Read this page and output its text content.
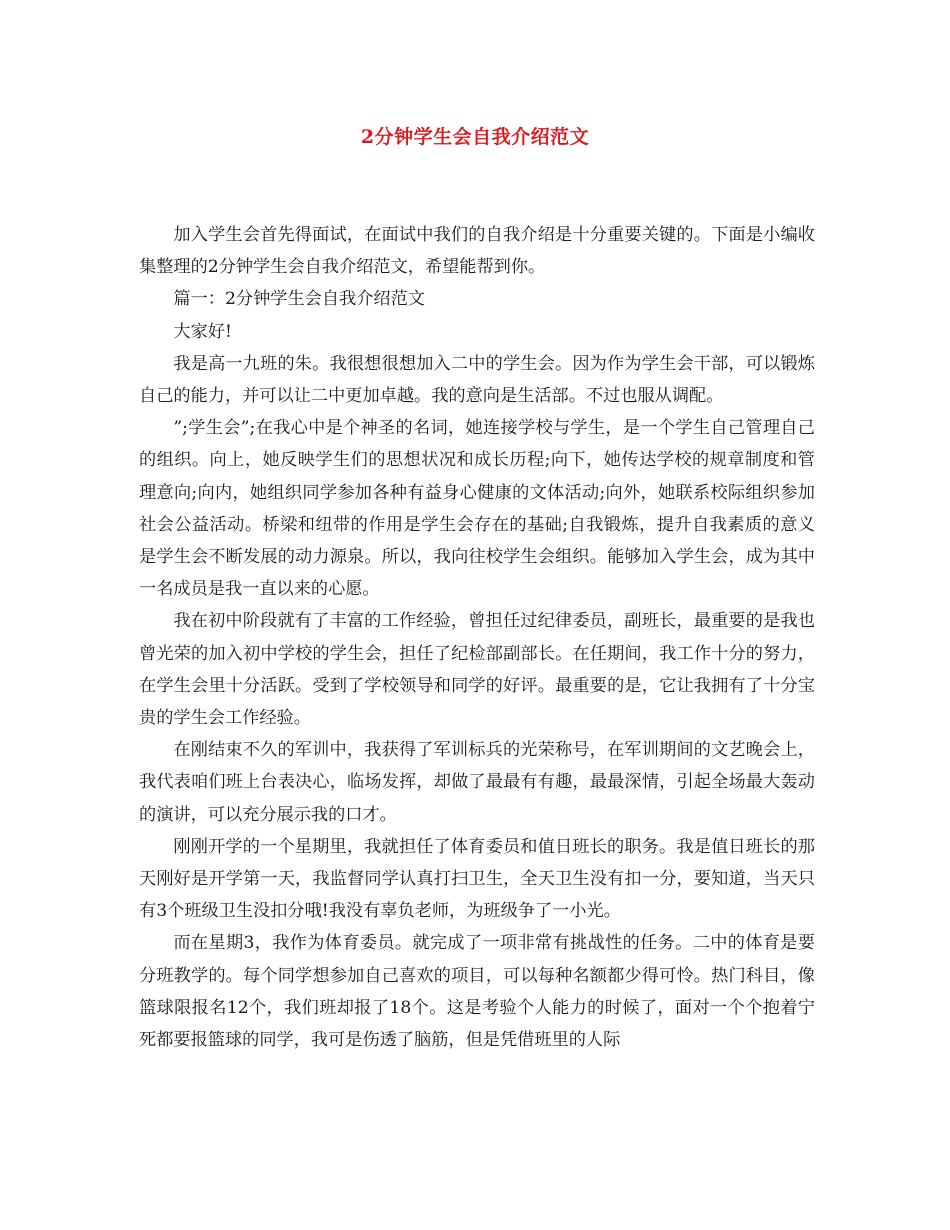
2分钟学生会自我介绍范文

加入学生会首先得面试，在面试中我们的自我介绍是十分重要关键的。下面是小编收集整理的2分钟学生会自我介绍范文，希望能帮到你。

篇一：2分钟学生会自我介绍范文

大家好!

我是高一九班的朱。我很想很想加入二中的学生会。因为作为学生会干部，可以锻炼自己的能力，并可以让二中更加卓越。我的意向是生活部。不过也服从调配。

”;学生会”;在我心中是个神圣的名词，她连接学校与学生，是一个学生自己管理自己的组织。向上，她反映学生们的思想状况和成长历程;向下，她传达学校的规章制度和管理意向;向内，她组织同学参加各种有益身心健康的文体活动;向外，她联系校际组织参加社会公益活动。桥梁和纽带的作用是学生会存在的基础;自我锻炼，提升自我素质的意义是学生会不断发展的动力源泉。所以，我向往校学生会组织。能够加入学生会，成为其中一名成员是我一直以来的心愿。

我在初中阶段就有了丰富的工作经验，曾担任过纪律委员，副班长，最重要的是我也曾光荣的加入初中学校的学生会，担任了纪检部副部长。在任期间，我工作十分的努力，在学生会里十分活跃。受到了学校领导和同学的好评。最重要的是，它让我拥有了十分宝贵的学生会工作经验。

在刚结束不久的军训中，我获得了军训标兵的光荣称号，在军训期间的文艺晚会上，我代表咱们班上台表决心，临场发挥，却做了最最有有趣，最最深情，引起全场最大轰动的演讲，可以充分展示我的口才。

刚刚开学的一个星期里，我就担任了体育委员和值日班长的职务。我是值日班长的那天刚好是开学第一天，我监督同学认真打扫卫生，全天卫生没有扣一分，要知道，当天只有3个班级卫生没扣分哦!我没有辜负老师，为班级争了一小光。

而在星期3，我作为体育委员。就完成了一项非常有挑战性的任务。二中的体育是要分班教学的。每个同学想参加自己喜欢的项目，可以每种名额都少得可怜。热门科目，像篮球限报名12个，我们班却报了18个。这是考验个人能力的时候了，面对一个个抱着宁死都要报篮球的同学，我可是伤透了脑筋，但是凭借班里的人际
